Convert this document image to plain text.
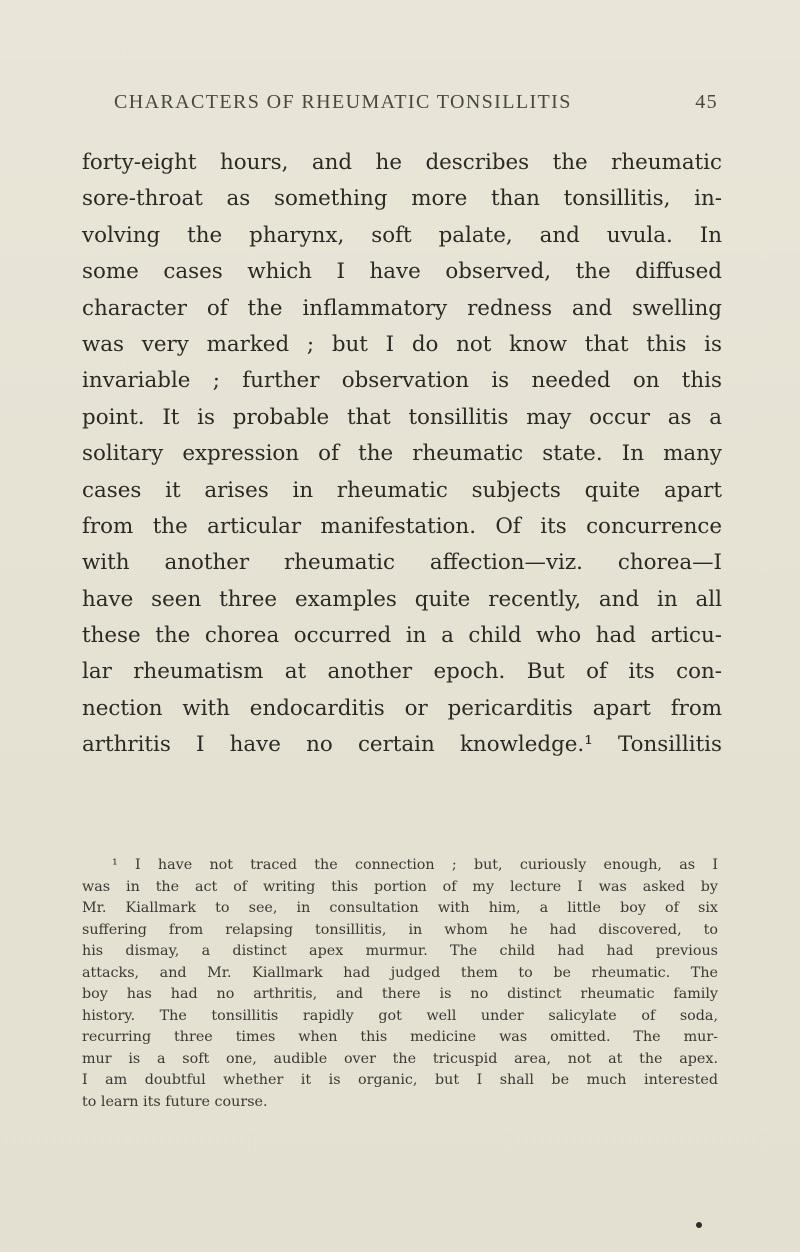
CHARACTERS OF RHEUMATIC TONSILLITIS	45
forty-eight hours, and he describes the rheumatic
sore-throat as something more than tonsillitis, in-
volving the pharynx, soft palate, and uvula. In
some cases which I have observed, the diffused
character of the inflammatory redness and swelling
was very marked ; but I do not know that this is
invariable ; further observation is needed on this
point. It is probable that tonsillitis may occur as a
solitary expression of the rheumatic state. In many
cases it arises in rheumatic subjects quite apart
from the articular manifestation. Of its concurrence
with another rheumatic affection—viz. chorea—I
have seen three examples quite recently, and in all
these the chorea occurred in a child who had articu-
lar rheumatism at another epoch. But of its con-
nection with endocarditis or pericarditis apart from
arthritis I have no certain knowledge.¹ Tonsillitis
¹ I have not traced the connection ; but, curiously enough, as I
was in the act of writing this portion of my lecture I was asked by
Mr. Kiallmark to see, in consultation with him, a little boy of six
suffering from relapsing tonsillitis, in whom he had discovered, to
his dismay, a distinct apex murmur. The child had had previous
attacks, and Mr. Kiallmark had judged them to be rheumatic. The
boy has had no arthritis, and there is no distinct rheumatic family
history. The tonsillitis rapidly got well under salicylate of soda,
recurring three times when this medicine was omitted. The mur-
mur is a soft one, audible over the tricuspid area, not at the apex.
I am doubtful whether it is organic, but I shall be much interested
to learn its future course.
